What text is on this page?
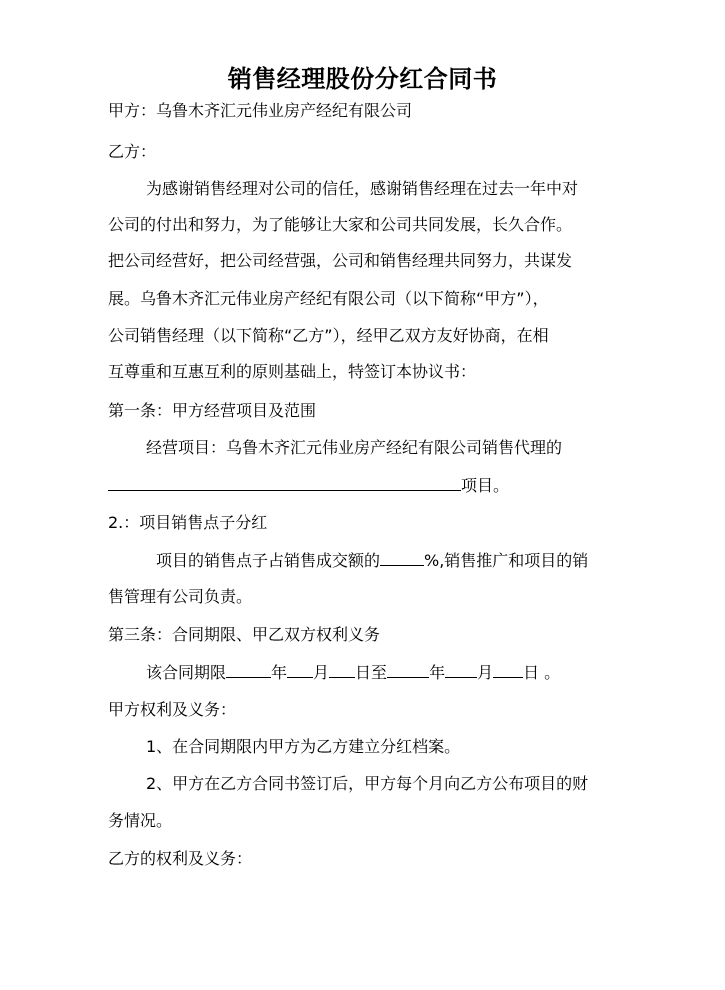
销售经理股份分红合同书
甲方：乌鲁木齐汇元伟业房产经纪有限公司
乙方：
为感谢销售经理对公司的信任，感谢销售经理在过去一年中对
公司的付出和努力，为了能够让大家和公司共同发展，长久合作。
把公司经营好，把公司经营强，公司和销售经理共同努力，共谋发
展。乌鲁木齐汇元伟业房产经纪有限公司（以下简称“甲方”），
公司销售经理（以下简称“乙方”），经甲乙双方友好协商，在相
互尊重和互惠互利的原则基础上，特签订本协议书：
第一条：甲方经营项目及范围
经营项目：乌鲁木齐汇元伟业房产经纪有限公司销售代理的
项目。
2.：项目销售点子分红
项目的销售点子占销售成交额的	%,销售推广和项目的销
售管理有公司负责。
第三条：合同期限、甲乙双方权利义务
该合同期限	年 月 日至	年 月 日 。
甲方权利及义务：
1、在合同期限内甲方为乙方建立分红档案。
2、甲方在乙方合同书签订后，甲方每个月向乙方公布项目的财
务情况。
乙方的权利及义务：
